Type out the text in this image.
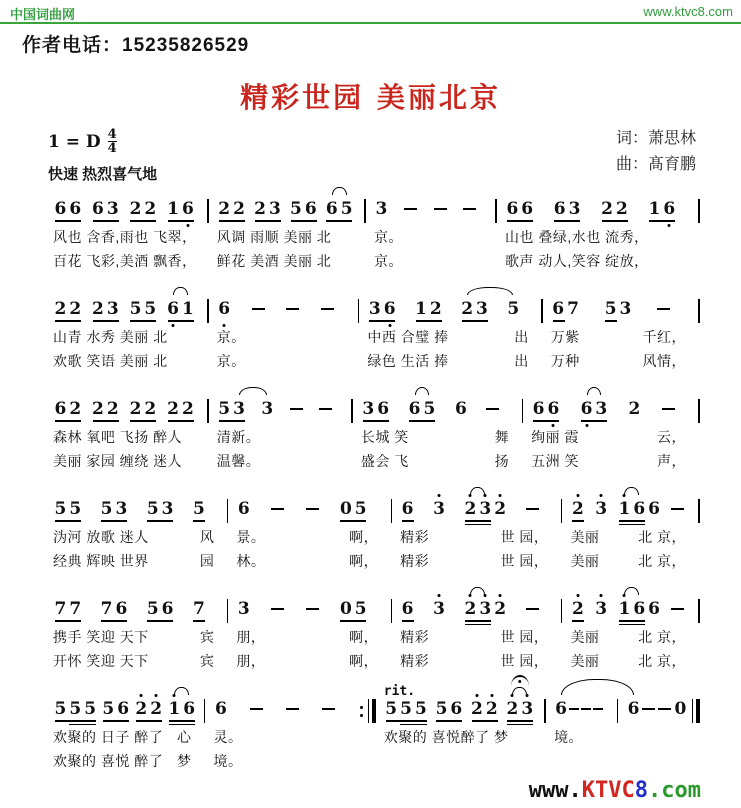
中国词曲网	www.ktvc8.com
作者电话：15235826529
精彩世园 美丽北京
1 = D $\frac{4}{4}$	词：萧思林
曲：髙育鹏
快速 热烈喜气地
6 6 6 3 2 2 1 6
风也 含香,雨也 飞翠，
百花 飞彩,美酒 飘香，
2 2 2 3 5 6 6 5
风调 雨顺 美丽 北
鲜花 美酒 美丽 北
3
京。
京。
6 6 6 3 2 2 1 6
山也 叠绿,水也 流秀，
歌声 动人,笑容 绽放，
2 2 2 3 5 5 6 1
山青 水秀 美丽 北
欢歌 笑语 美丽 北
6
京。
京。
3 6 1 2 2 3 5
中西 合璧 捧	出
绿色 生活 捧	出
6 7 5 3
万紫	千红，
万种	风情，
6 2 2 2 2 2 2 2
森林 氧吧 飞扬 醉人
美丽 家园 缠绕 迷人
5 3 3
清新。
温馨。
3 6 6 5 6
长城 笑	舞
盛会 飞	扬
6 6 6 3 2
绚丽 霞	云，
五洲 笑	声，
5 5 5 3 5 3 5
沩河 放歌 迷人	风
经典 辉映 世界	园
6	0 5
景。	啊，
林。	啊，
6 3 2 3 2
精彩	世 园，
精彩	世 园，
2 3 1 6 6
美丽	北 京，
美丽	北 京，
7 7 7 6 5 6 7
携手 笑迎 天下	宾
开怀 笑迎 天下	宾
3	0 5
朋，	啊，
朋，	啊，
6 3 2 3 2
精彩	世 园，
精彩	世 园，
2 3 1 6 6
美丽	北 京，
美丽	北 京，
5 5 5 5 6 2 2 1 6
欢聚的 日子 醉了 心
欢聚的 喜悦 醉了 梦
6
灵。
境。
rit.
5 5 5 5 6 2 2 2 3
欢聚的 喜悦醉了 梦
6
境。
6 0
www.KTVC8.com
